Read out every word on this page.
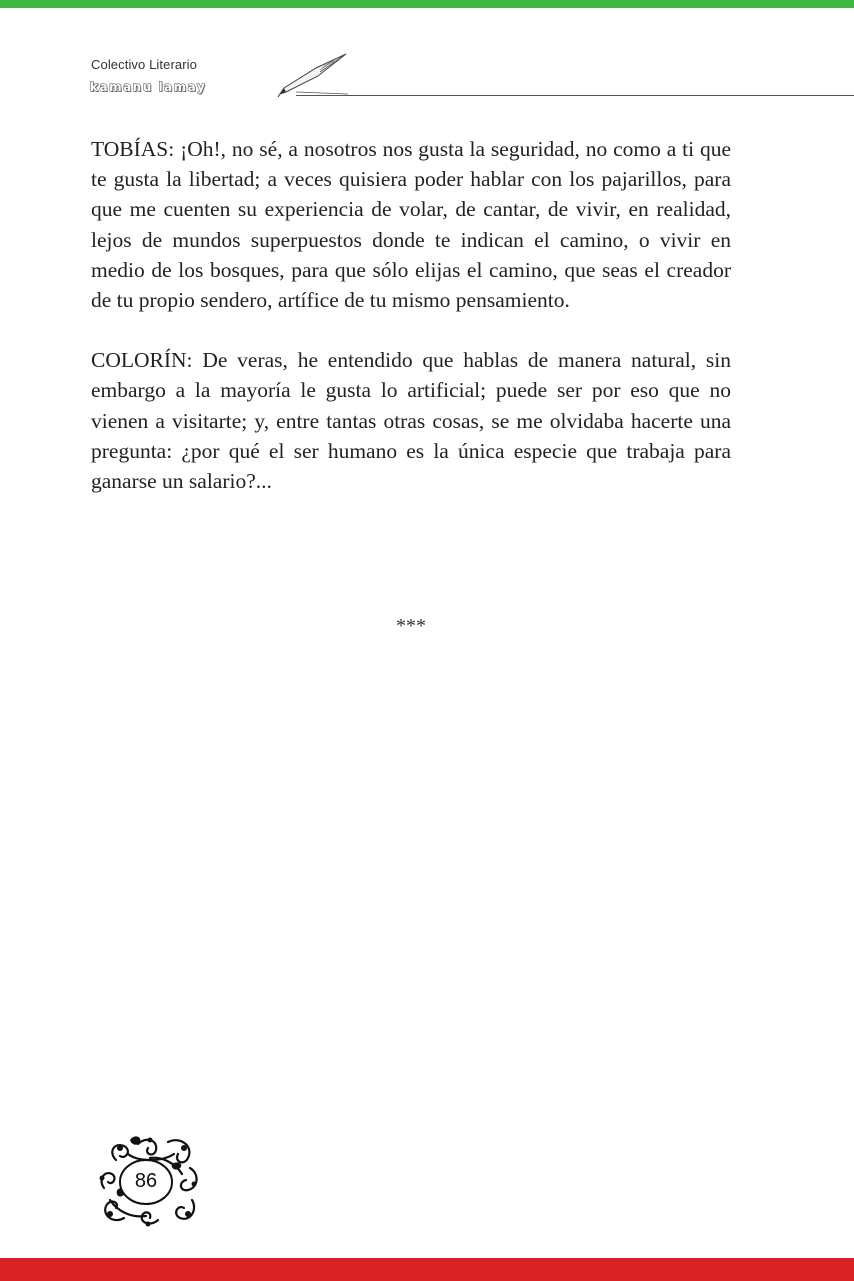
Colectivo Literario
kamanu lamay

TOBÍAS: ¡Oh!, no sé, a nosotros nos gusta la seguridad, no como a ti que te gusta la libertad; a veces quisiera poder hablar con los pajarillos, para que me cuenten su experiencia de volar, de cantar, de vivir, en realidad, lejos de mundos superpuestos donde te indican el camino, o vivir en medio de los bosques, para que sólo elijas el camino, que seas el creador de tu propio sendero, artífice de tu mismo pensamiento.

COLORÍN: De veras, he entendido que hablas de manera natural, sin embargo a la mayoría le gusta lo artificial; puede ser por eso que no vienen a visitarte; y, entre tantas otras cosas, se me olvidaba hacerte una pregunta: ¿por qué el ser humano es la única especie que trabaja para ganarse un salario?...

***
86
